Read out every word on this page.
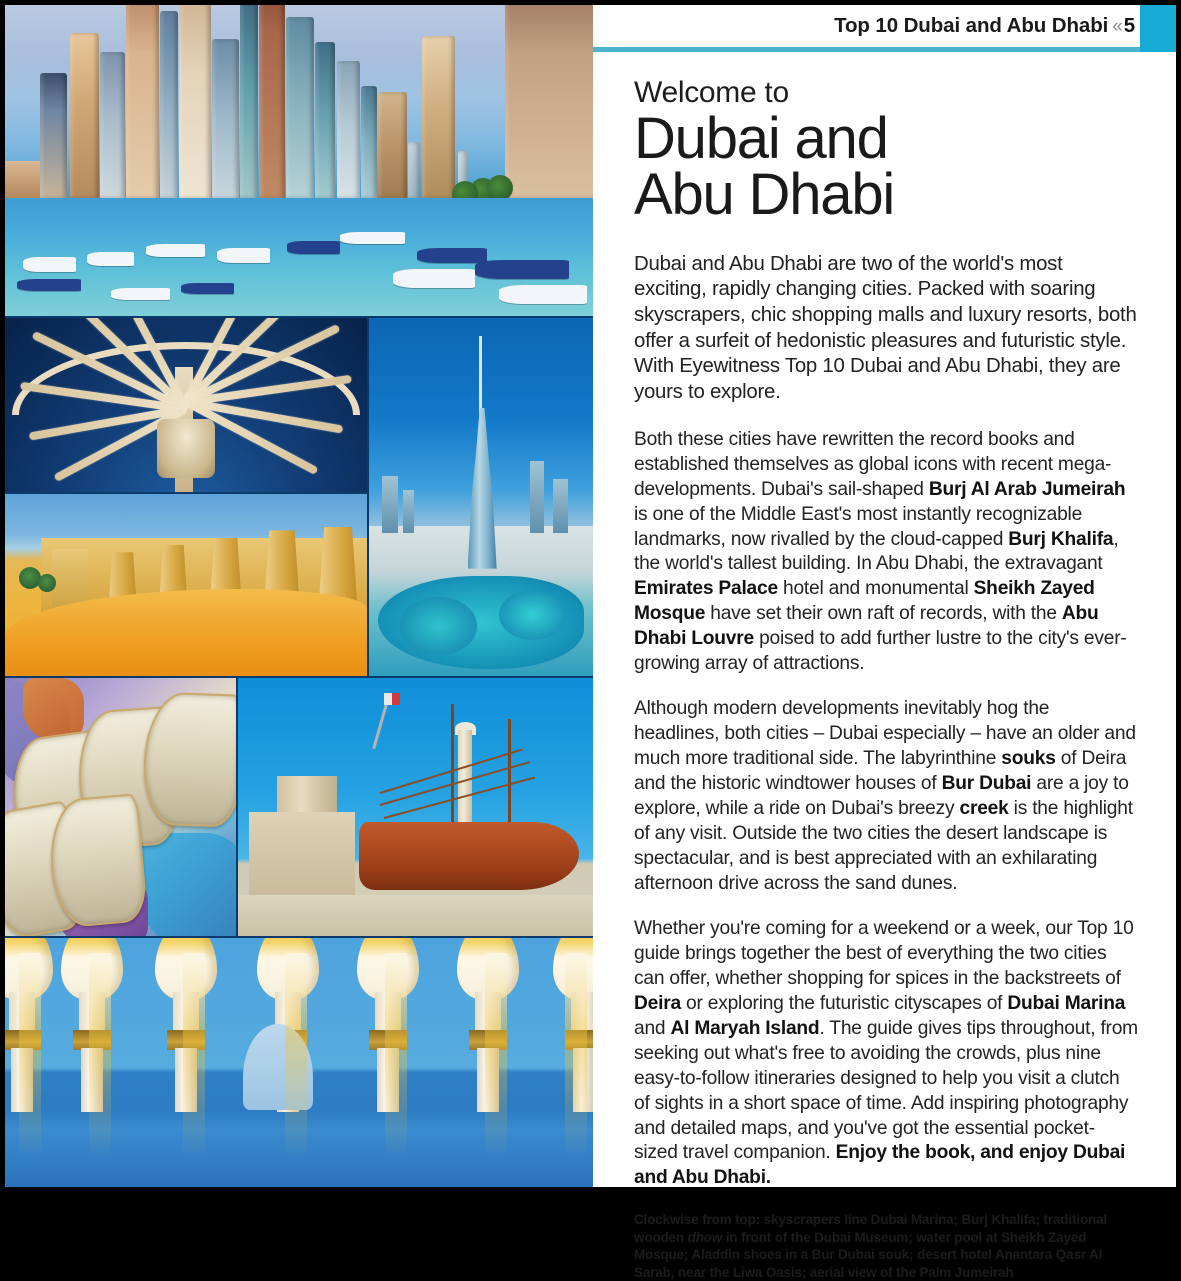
Top 10 Dubai and Abu Dhabi «5
Welcome to
Dubai and
Abu Dhabi

Dubai and Abu Dhabi are two of the world's most exciting, rapidly changing cities. Packed with soaring skyscrapers, chic shopping malls and luxury resorts, both offer a surfeit of hedonistic pleasures and futuristic style. With Eyewitness Top 10 Dubai and Abu Dhabi, they are yours to explore.

Both these cities have rewritten the record books and established themselves as global icons with recent mega-developments. Dubai's sail-shaped Burj Al Arab Jumeirah is one of the Middle East's most instantly recognizable landmarks, now rivalled by the cloud-capped Burj Khalifa, the world's tallest building. In Abu Dhabi, the extravagant Emirates Palace hotel and monumental Sheikh Zayed Mosque have set their own raft of records, with the Abu Dhabi Louvre poised to add further lustre to the city's ever-growing array of attractions.

Although modern developments inevitably hog the headlines, both cities – Dubai especially – have an older and much more traditional side. The labyrinthine souks of Deira and the historic windtower houses of Bur Dubai are a joy to explore, while a ride on Dubai's breezy creek is the highlight of any visit. Outside the two cities the desert landscape is spectacular, and is best appreciated with an exhilarating afternoon drive across the sand dunes.

Whether you're coming for a weekend or a week, our Top 10 guide brings together the best of everything the two cities can offer, whether shopping for spices in the backstreets of Deira or exploring the futuristic cityscapes of Dubai Marina and Al Maryah Island. The guide gives tips throughout, from seeking out what's free to avoiding the crowds, plus nine easy-to-follow itineraries designed to help you visit a clutch of sights in a short space of time. Add inspiring photography and detailed maps, and you've got the essential pocket-sized travel companion. Enjoy the book, and enjoy Dubai and Abu Dhabi.

Clockwise from top: skyscrapers line Dubai Marina; Burj Khalifa; traditional wooden dhow in front of the Dubai Museum; water pool at Sheikh Zayed Mosque; Aladdin shoes in a Bur Dubai souk; desert hotel Anantara Qasr Al Sarab, near the Liwa Oasis; aerial view of the Palm Jumeirah
